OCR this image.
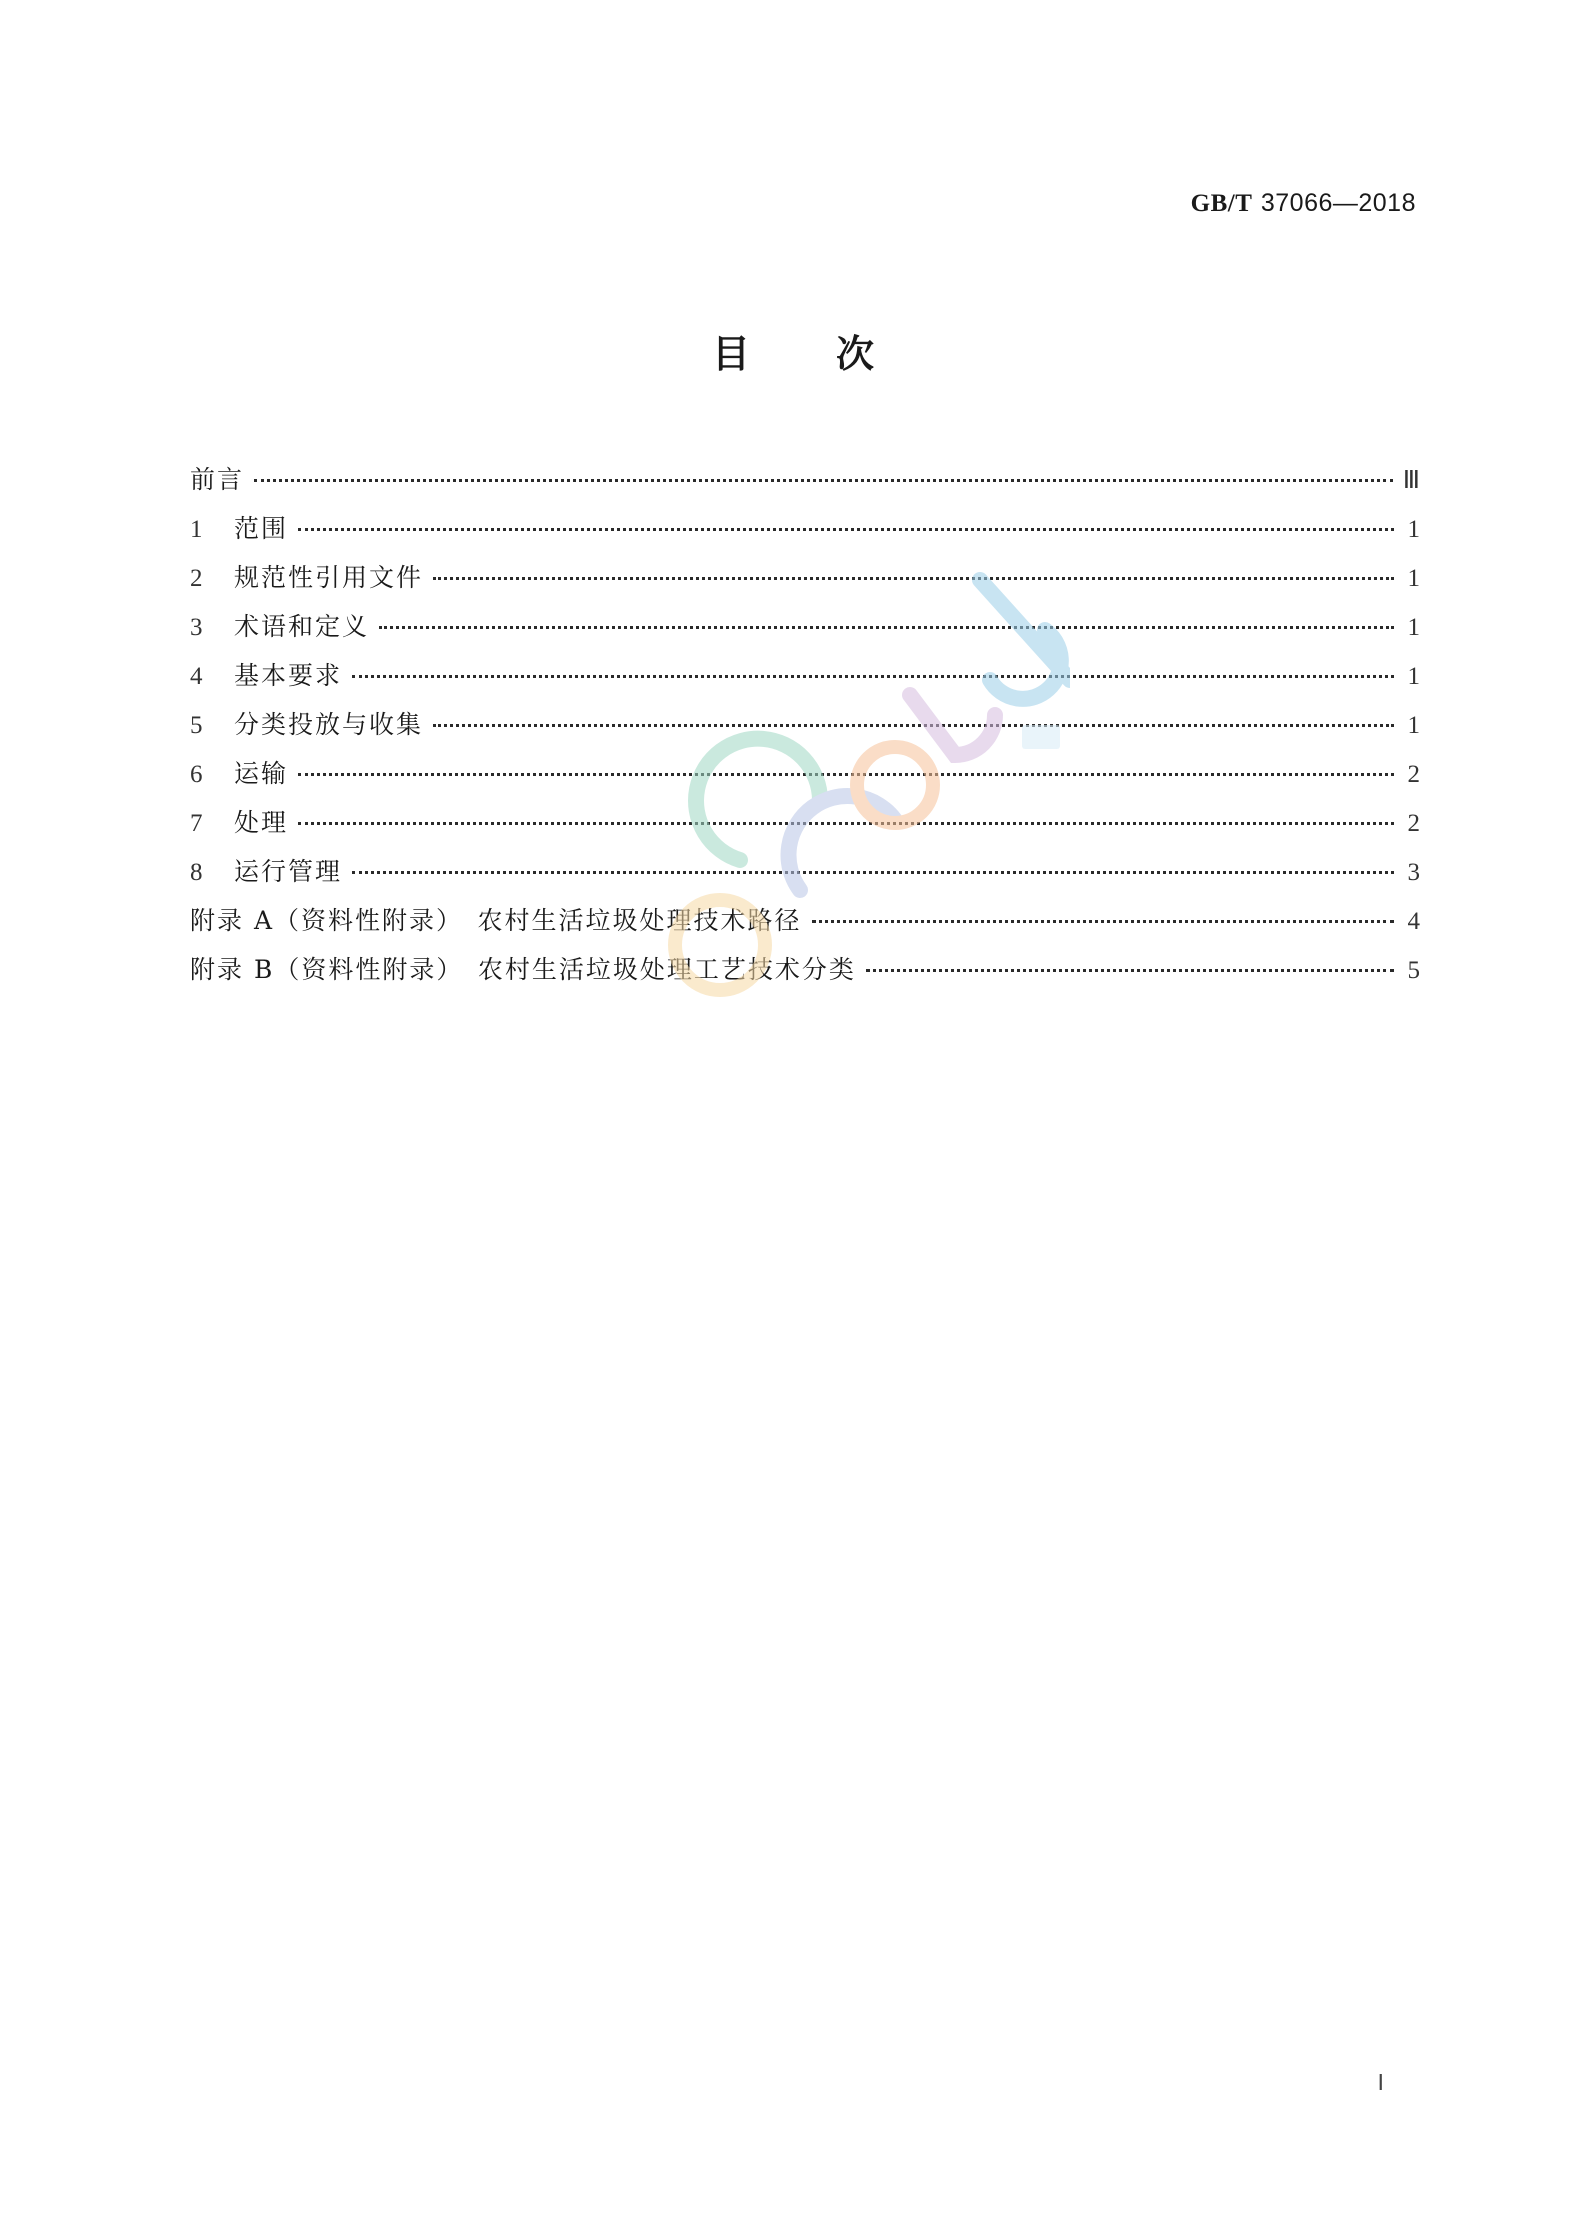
GB/T 37066—2018
目 次
前言	Ⅲ
1	范围	1
2	规范性引用文件	1
3	术语和定义	1
4	基本要求	1
5	分类投放与收集	1
6	运输	2
7	处理	2
8	运行管理	3
附录 A（资料性附录）　农村生活垃圾处理技术路径	4
附录 B（资料性附录）　农村生活垃圾处理工艺技术分类	5
Ⅰ
